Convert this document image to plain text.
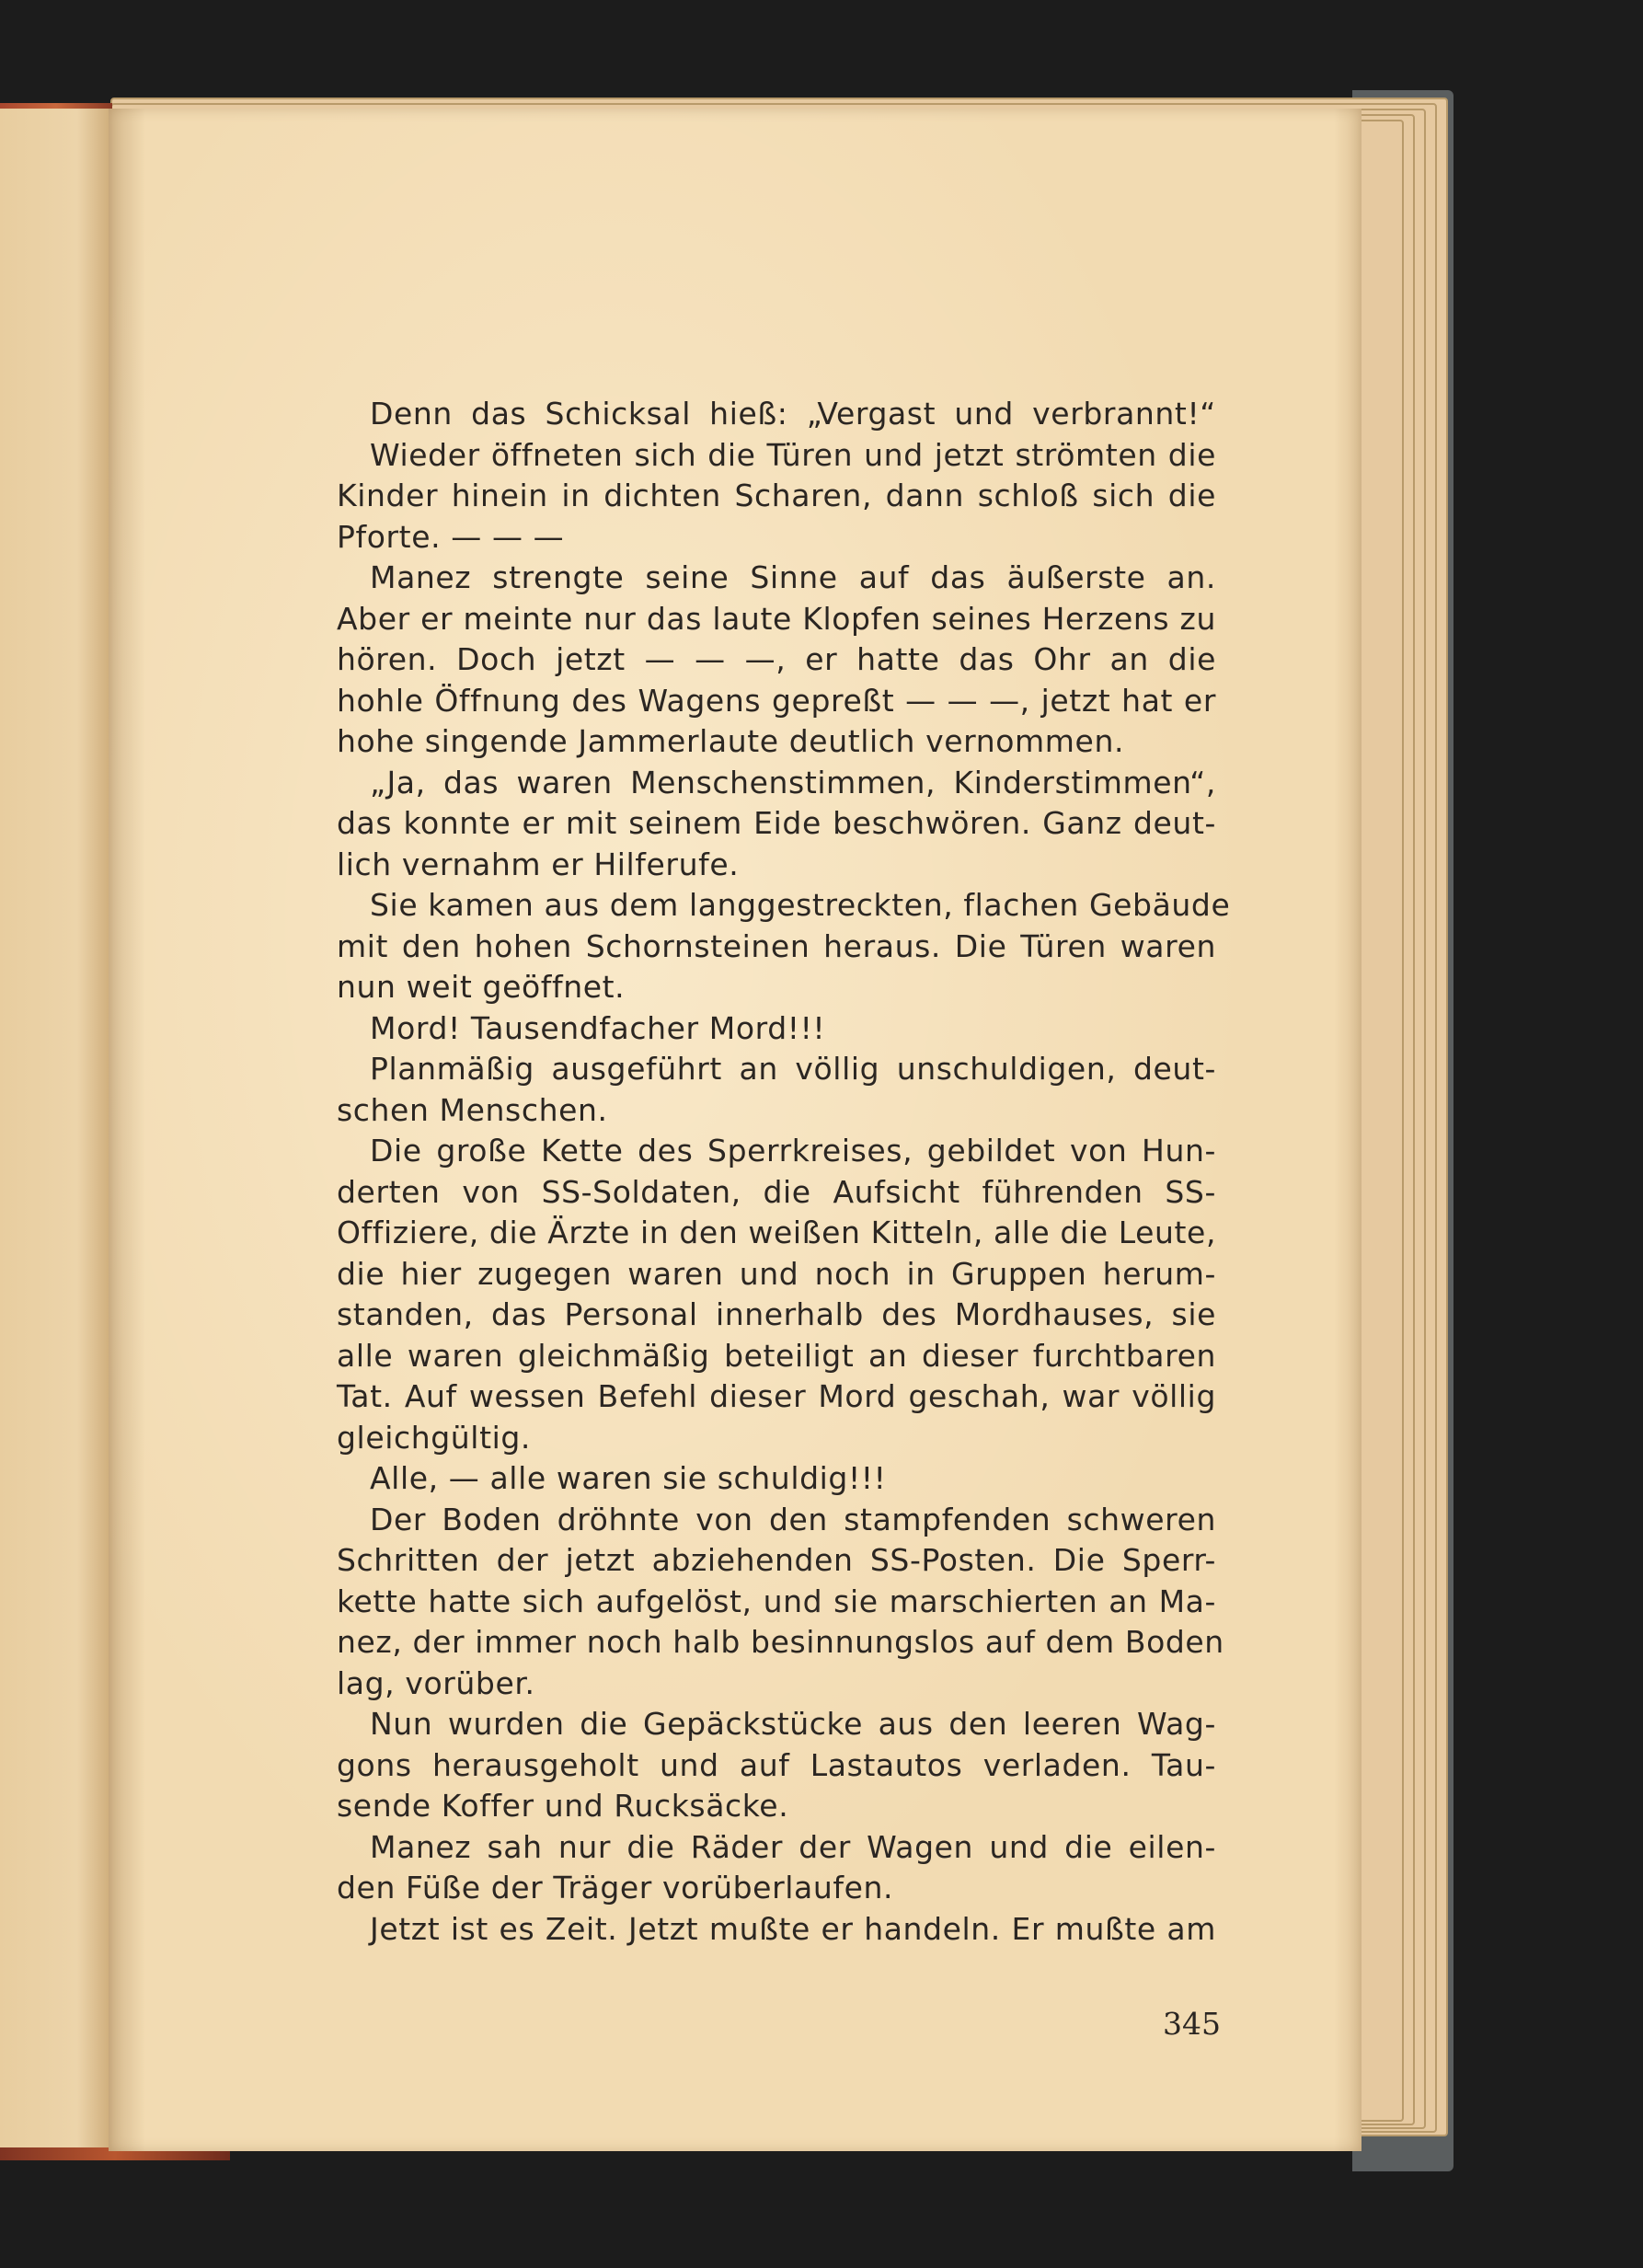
Denn das Schicksal hieß: „Vergast und verbrannt!“
Wieder öffneten sich die Türen und jetzt strömten die
Kinder hinein in dichten Scharen, dann schloß sich die
Pforte. — — —
Manez strengte seine Sinne auf das äußerste an.
Aber er meinte nur das laute Klopfen seines Herzens zu
hören. Doch jetzt — — —, er hatte das Ohr an die
hohle Öffnung des Wagens gepreßt — — —, jetzt hat er
hohe singende Jammerlaute deutlich vernommen.
„Ja, das waren Menschenstimmen, Kinderstimmen“,
das konnte er mit seinem Eide beschwören. Ganz deut-
lich vernahm er Hilferufe.
Sie kamen aus dem langgestreckten, flachen Gebäude
mit den hohen Schornsteinen heraus. Die Türen waren
nun weit geöffnet.
Mord! Tausendfacher Mord!!!
Planmäßig ausgeführt an völlig unschuldigen, deut-
schen Menschen.
Die große Kette des Sperrkreises, gebildet von Hun-
derten von SS-Soldaten, die Aufsicht führenden SS-
Offiziere, die Ärzte in den weißen Kitteln, alle die Leute,
die hier zugegen waren und noch in Gruppen herum-
standen, das Personal innerhalb des Mordhauses, sie
alle waren gleichmäßig beteiligt an dieser furchtbaren
Tat. Auf wessen Befehl dieser Mord geschah, war völlig
gleichgültig.
Alle, — alle waren sie schuldig!!!
Der Boden dröhnte von den stampfenden schweren
Schritten der jetzt abziehenden SS-Posten. Die Sperr-
kette hatte sich aufgelöst, und sie marschierten an Ma-
nez, der immer noch halb besinnungslos auf dem Boden
lag, vorüber.
Nun wurden die Gepäckstücke aus den leeren Wag-
gons herausgeholt und auf Lastautos verladen. Tau-
sende Koffer und Rucksäcke.
Manez sah nur die Räder der Wagen und die eilen-
den Füße der Träger vorüberlaufen.
Jetzt ist es Zeit. Jetzt mußte er handeln. Er mußte am
345
